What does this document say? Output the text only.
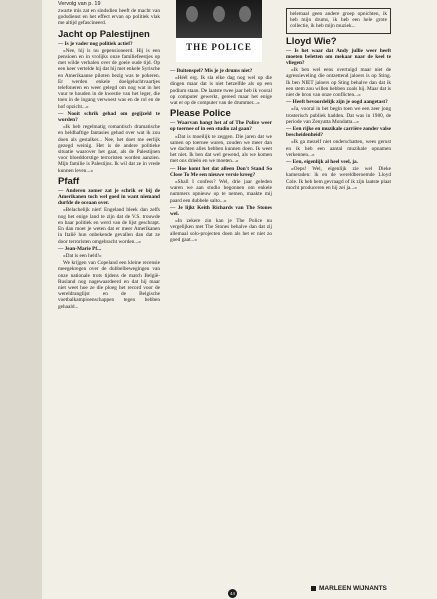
Vervolg van p. 19
THE POLICE

zwarte mis zat en sindsdien heeft de macht van godsdienst en het effect ervan op politiek vlak me altijd gefascineerd.

Jacht op Palestijnen

— Is je vader nog politiek actief?

«Nee, hij is nu gepensioneerd. Hij is een pensioen en in vrolijks onze familiefeestjes op met wilde verhalen over de goeie oude tijd. Op een keer vertelde hij dat hij met enkele Syrische en Amerikaanse piloten bezig was te pokeren. Er werden enkele doelgeluchtvaartjes telefoneren en weer gelegd om nog wat in het vuur te houden in de kwestie van het leger, die toen in de ingang verwoest was en de rol en de hof opzicht...»

— Nooit schrik gehad om gegijzeld te worden?

«Ik heb regelmatig romantisch dramatische en heldhaftige fantasies gehad over wat ik zou doen als gestalker... Nee, het doet me eerlijk gezegd weinig. Het is de andere politieke situatie waarover het gaat, als de Palestijnen voor bloeddorstige terroristen worden aanzien. Mijn familie is Palestijns. Ik wil dat ze in vrede kunnen leven...»

Pfaff

— Anderen zomer zat je schrik er bij de Amerikanen toch wel goed in want niemand durfde de oceaan over.

«Belachelijk niet! Engeland bleek dan zelfs nog het enige land te zijn dat de V.S. trouwde en haar politiek en werd van de lijst geschrapt. En dan moet je weten dat er meer Amerikanen in Italië hun onbekende gevallen dan dat ze door terroristen omgebracht worden...»

— Jean-Marie Pf...

«Dat is een held!»

We krijgen van Copeland een kleine recensie meegekregen over de dubbelbewegingen van onze nationale trots tijdens de match België-Rusland nog nagewaardeerd en dat hij maar niet weet hoe ze die ploeg het record voor de wereldranglijst en de Belgische voetbalkampioenschappen tegen hebben gehaald...

— Buitenspel? Mis je je drums niet?

«Héél erg. Ik sla elke dag nog wel op die dingen maar dat is niet hetzelfde als op een podium staan. De laatste twee jaar heb ik vooral op computer gewerkt, gereed maar het enige wat er op de computer van de drummer...»

Please Police

— Waarvan hangt het af of The Police weer op toernee of in een studio zal gaan?

«Dat is moeilijk te zeggen. Die jaren dat we samen op toernee waren, zouden we meer dan we dachten alles hebben kunnen doen. Ik weet het niet. Ik ben dat wel gewend, als we komen met ons drieën en we moeten...»

— Hoe komt het dat alleen Don't Stand So Close To Me een nieuwe versie kreeg?

«Shall I confess? Wel, drie jaar geleden waren we aan studio begonnen om enkele nummers opnieuw op te nemen, maakte mij paard een dubbele salto...»

— Je lijkt Keith Richards van The Stones wel.

«In zekere zin kan je The Police nu vergelijken met The Stones behalve dan dat zij allemaal solo-projecten doen als het er niet zo goed gaat...»

helemaal geen andere groep opnichten, ik heb mijn drums, ik heb een hele grote collectie, ik heb mijn muziek...

Lloyd Wie?

— Is het waar dat Andy jullie weer heeft moeten beletten om mekaar naar de keel te vliegen?

«Ik ben wel eens overtuigd maar niet de agressieveling die ontzettend jaloers is op Sting. Ik ben NIET jaloers op Sting behalve dan dat ik een stem zou willen hebben zoals hij. Maar dat is niet de bron van onze conflicten...»

— Heeft bevoordelijk zijn je oogd aangetast?

«Ja, vooral in het begin toen we een zeer jong trosterisch publiek hadden. Dat was in 1980, de periode van Zenyatta Mondatta...»

— Een rijke en muzikale carrière zonder valse bescheidenheid?

«Ik ga mezelf niet onderschatten, wees gerust en ik heb een aantal muzikale opnamen verkennen...»

— Een, eigenlijk al heel veel, ja.

«Oeps! Wel, eigenlijk zie wel Dieke kameraden: ik en de wereldberoemde Lloyd Cole. Ik heb hem gevraagd of ik zijn laatste plaat mocht produceren en hij zei ja...»

MARLEEN WIJNANTS
44
